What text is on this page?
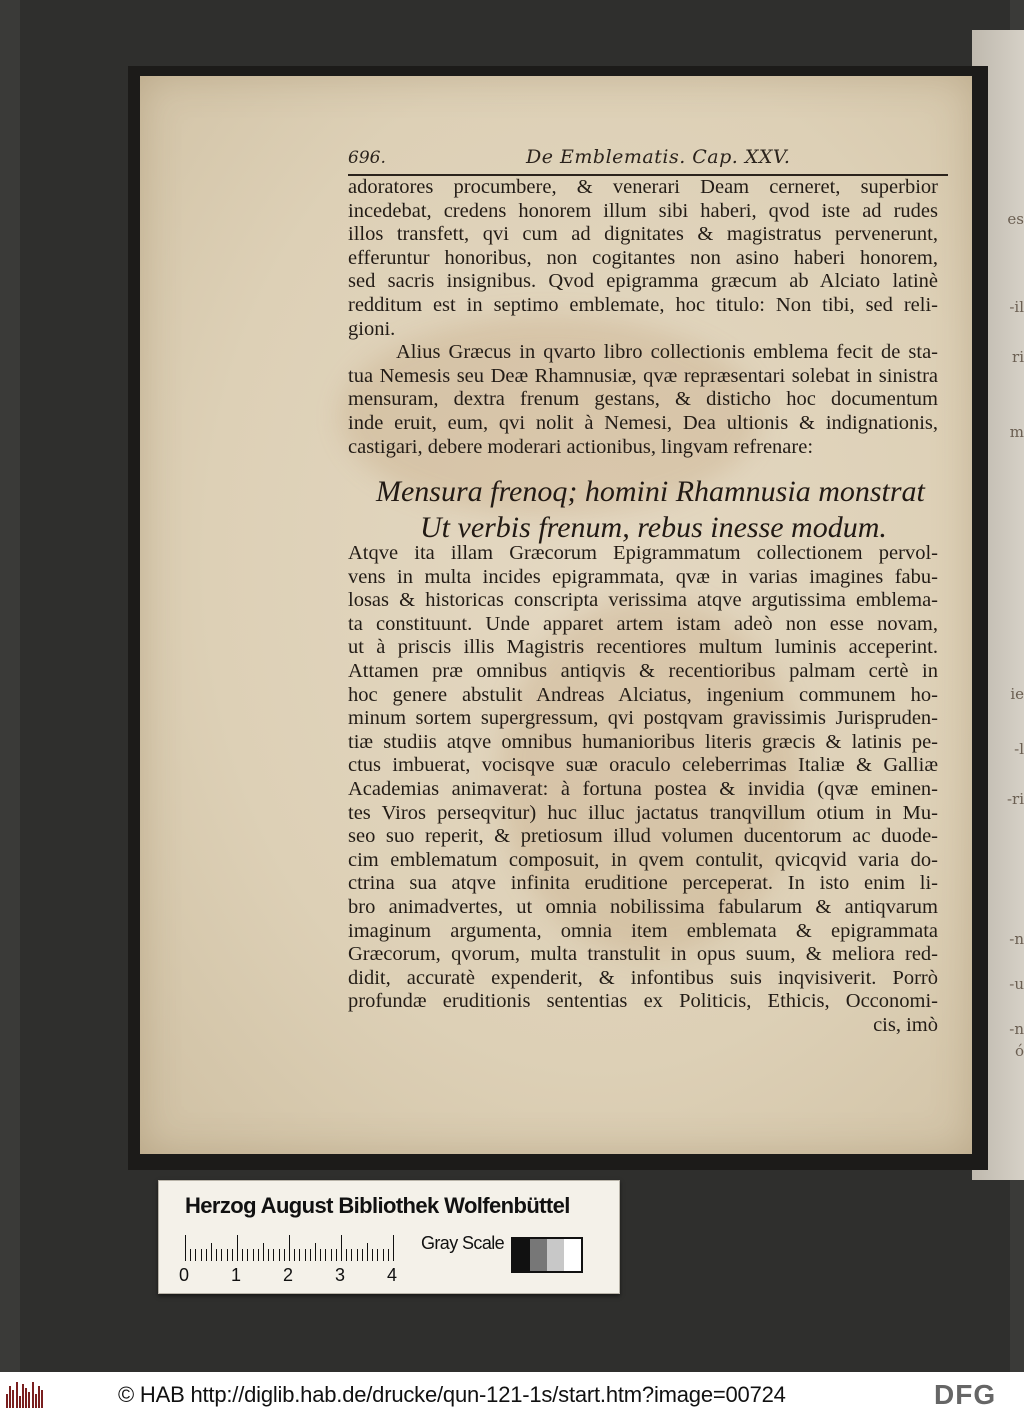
es
-il
ri
m
ie
-l
-ri
-n
-u
-n
ó
696.	De Emblematis. Cap. XXV.
adoratores procumbere, & venerari Deam cerneret, superbior
incedebat, credens honorem illum sibi haberi, qvod iste ad rudes
illos transfett, qvi cum ad dignitates & magistratus pervenerunt,
efferuntur honoribus, non cogitantes non asino haberi honorem,
sed sacris insignibus. Qvod epigramma græcum ab Alciato latinè
redditum est in septimo emblemate, hoc titulo: Non tibi, sed reli-
gioni.
Alius Græcus in qvarto libro collectionis emblema fecit de sta-
tua Nemesis seu Deæ Rhamnusiæ, qvæ repræsentari solebat in sinistra
mensuram, dextra frenum gestans, & disticho hoc documentum
inde eruit, eum, qvi nolit à Nemesi, Dea ultionis & indignationis,
castigari, debere moderari actionibus, lingvam refrenare:
Mensura frenoq; homini Rhamnusia monstrat
Ut verbis frenum, rebus inesse modum.
Atqve ita illam Græcorum Epigrammatum collectionem pervol-
vens in multa incides epigrammata, qvæ in varias imagines fabu-
losas & historicas conscripta verissima atqve argutissima emblema-
ta constituunt. Unde apparet artem istam adeò non esse novam,
ut à priscis illis Magistris recentiores multum luminis acceperint.
Attamen præ omnibus antiqvis & recentioribus palmam certè in
hoc genere abstulit Andreas Alciatus, ingenium communem ho-
minum sortem supergressum, qvi postqvam gravissimis Jurispruden-
tiæ studiis atqve omnibus humanioribus literis græcis & latinis pe-
ctus imbuerat, vocisqve suæ oraculo celeberrimas Italiæ & Galliæ
Academias animaverat: à fortuna postea & invidia (qvæ eminen-
tes Viros perseqvitur) huc illuc jactatus tranqvillum otium in Mu-
seo suo reperit, & pretiosum illud volumen ducentorum ac duode-
cim emblematum composuit, in qvem contulit, qvicqvid varia do-
ctrina sua atqve infinita eruditione perceperat. In isto enim li-
bro animadvertes, ut omnia nobilissima fabularum & antiqvarum
imaginum argumenta, omnia item emblemata & epigrammata
Græcorum, qvorum, multa transtulit in opus suum, & meliora red-
didit, accuratè expenderit, & infontibus suis inqvisiverit. Porrò
profundæ eruditionis sententias ex Politicis, Ethicis, Occonomi-
cis, imò
Herzog August Bibliothek Wolfenbüttel
0 1 2 3 4
Gray Scale
© HAB http://diglib.hab.de/drucke/qun-121-1s/start.htm?image=00724	DFG
